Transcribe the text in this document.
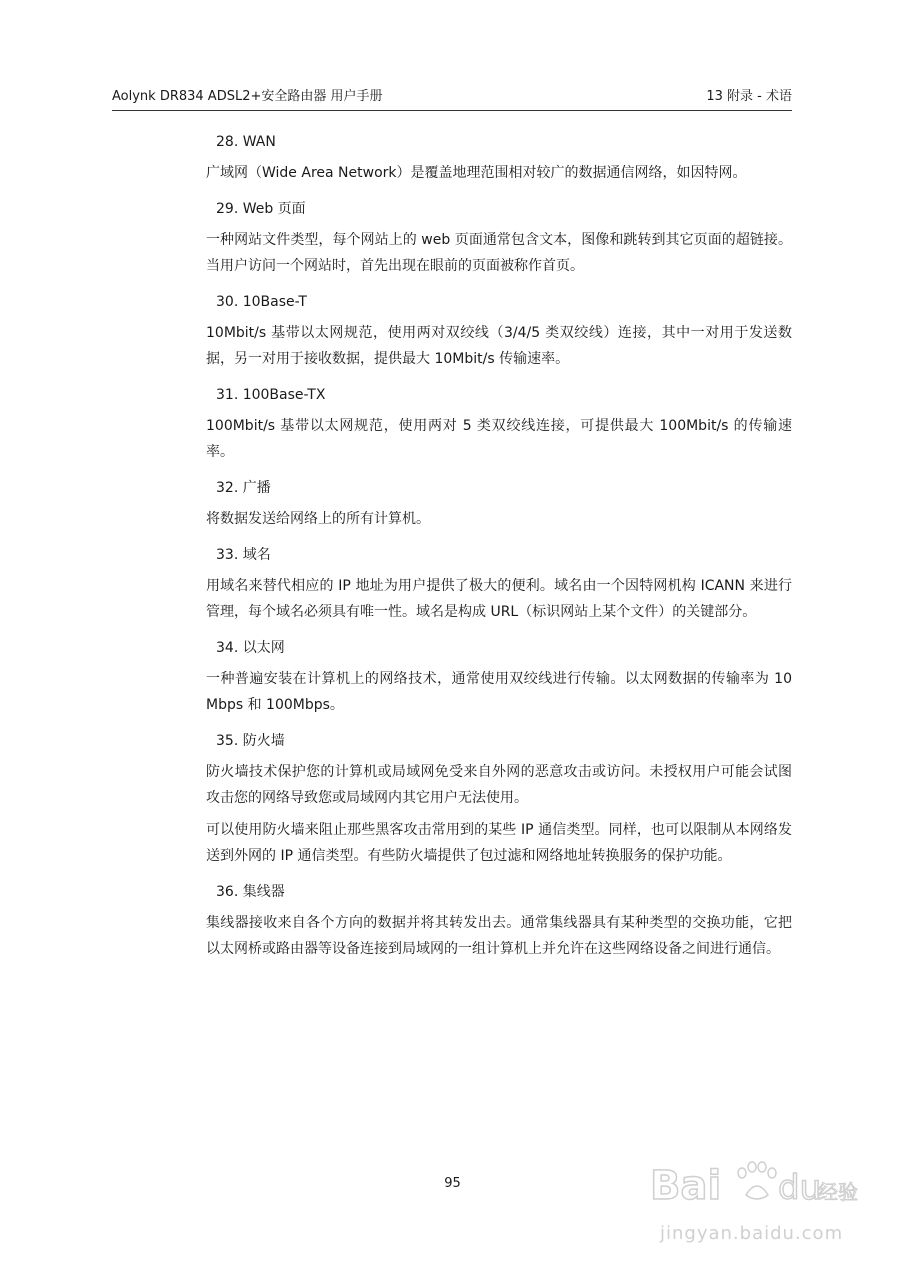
Aolynk DR834 ADSL2+安全路由器 用户手册	13 附录 - 术语
28. WAN

广域网（Wide Area Network）是覆盖地理范围相对较广的数据通信网络，如因特网。

29. Web 页面

一种网站文件类型，每个网站上的 web 页面通常包含文本，图像和跳转到其它页面的超链接。当用户访问一个网站时，首先出现在眼前的页面被称作首页。

30. 10Base-T

10Mbit/s 基带以太网规范，使用两对双绞线（3/4/5 类双绞线）连接，其中一对用于发送数据，另一对用于接收数据，提供最大 10Mbit/s 传输速率。

31. 100Base-TX

100Mbit/s 基带以太网规范，使用两对 5 类双绞线连接，可提供最大 100Mbit/s 的传输速率。

32. 广播

将数据发送给网络上的所有计算机。

33. 域名

用域名来替代相应的 IP 地址为用户提供了极大的便利。域名由一个因特网机构 ICANN 来进行管理，每个域名必须具有唯一性。域名是构成 URL（标识网站上某个文件）的关键部分。

34. 以太网

一种普遍安装在计算机上的网络技术，通常使用双绞线进行传输。以太网数据的传输率为 10 Mbps 和 100Mbps。

35. 防火墙

防火墙技术保护您的计算机或局域网免受来自外网的恶意攻击或访问。未授权用户可能会试图攻击您的网络导致您或局域网内其它用户无法使用。

可以使用防火墙来阻止那些黑客攻击常用到的某些 IP 通信类型。同样，也可以限制从本网络发送到外网的 IP 通信类型。有些防火墙提供了包过滤和网络地址转换服务的保护功能。

36. 集线器

集线器接收来自各个方向的数据并将其转发出去。通常集线器具有某种类型的交换功能，它把以太网桥或路由器等设备连接到局域网的一组计算机上并允许在这些网络设备之间进行通信。

95	Bai du
经验
jingyan.baidu.com
